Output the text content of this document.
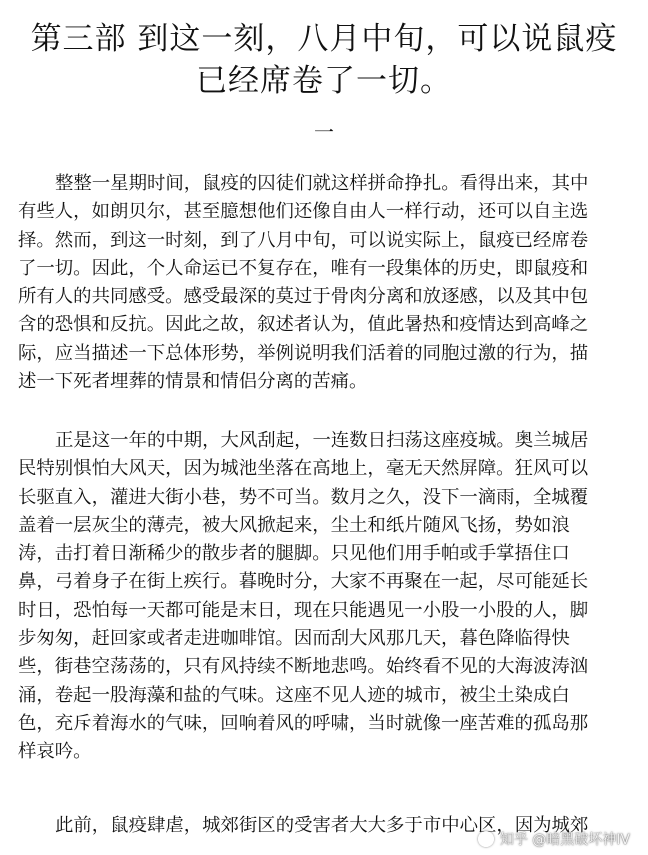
第三部 到这一刻，八月中旬，可以说鼠疫
已经席卷了一切。
一
整整一星期时间，鼠疫的囚徒们就这样拼命挣扎。看得出来，其中
有些人，如朗贝尔，甚至臆想他们还像自由人一样行动，还可以自主选
择。然而，到这一时刻，到了八月中旬，可以说实际上，鼠疫已经席卷
了一切。因此，个人命运已不复存在，唯有一段集体的历史，即鼠疫和
所有人的共同感受。感受最深的莫过于骨肉分离和放逐感，以及其中包
含的恐惧和反抗。因此之故，叙述者认为，值此暑热和疫情达到高峰之
际，应当描述一下总体形势，举例说明我们活着的同胞过激的行为，描
述一下死者埋葬的情景和情侣分离的苦痛。
正是这一年的中期，大风刮起，一连数日扫荡这座疫城。奥兰城居
民特别惧怕大风天，因为城池坐落在高地上，毫无天然屏障。狂风可以
长驱直入，灌进大街小巷，势不可当。数月之久，没下一滴雨，全城覆
盖着一层灰尘的薄壳，被大风掀起来，尘土和纸片随风飞扬，势如浪
涛，击打着日渐稀少的散步者的腿脚。只见他们用手帕或手掌捂住口
鼻，弓着身子在街上疾行。暮晚时分，大家不再聚在一起，尽可能延长
时日，恐怕每一天都可能是末日，现在只能遇见一小股一小股的人，脚
步匆匆，赶回家或者走进咖啡馆。因而刮大风那几天，暮色降临得快
些，街巷空荡荡的，只有风持续不断地悲鸣。始终看不见的大海波涛汹
涌，卷起一股海藻和盐的气味。这座不见人迹的城市，被尘土染成白
色，充斥着海水的气味，回响着风的呼啸，当时就像一座苦难的孤岛那
样哀吟。
此前，鼠疫肆虐，城郊街区的受害者大大多于市中心区，因为城郊
知乎 @暗黑破坏神IV
